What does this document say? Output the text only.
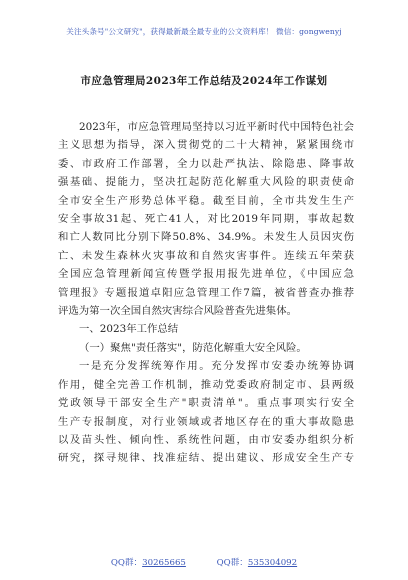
关注头条号"公文研究"，获得最新最全最专业的公文资料库！ 微信：gongwenyj
市应急管理局2023年工作总结及2024年工作谋划
2023年，市应急管理局坚持以习近平新时代中国特色社会
主义思想为指导，深入贯彻党的二十大精神，紧紧围绕市
委、市政府工作部署，全力以赴严执法、除隐患、降事故
强基础、提能力，坚决扛起防范化解重大风险的职责使命
全市安全生产形势总体平稳。截至目前，全市共发生生产
安全事故31起、死亡41人，对比2019年同期，事故起数
和亡人数同比分别下降50.8%、34.9%。未发生人员因灾伤
亡、未发生森林火灾事故和自然灾害事件。连续五年荣获
全国应急管理新闻宣传暨学报用报先进单位，《中国应急
管理报》专题报道卓阳应急管理工作7篇，被省普查办推荐
评选为第一次全国自然灾害综合风险普查先进集体。
一、2023年工作总结
（一）聚焦"责任落实"，防范化解重大安全风险。
一是充分发挥统筹作用。充分发挥市安委办统筹协调
作用，健全完善工作机制，推动党委政府制定市、县两级
党政领导干部安全生产"职责清单"。重点事项实行安全
生产专报制度，对行业领域或者地区存在的重大事故隐患
以及苗头性、倾向性、系统性问题，由市安委办组织分析
研究，探寻规律、找准症结、提出建议、形成安全生产专
QQ群：30265665	QQ群：535304092
